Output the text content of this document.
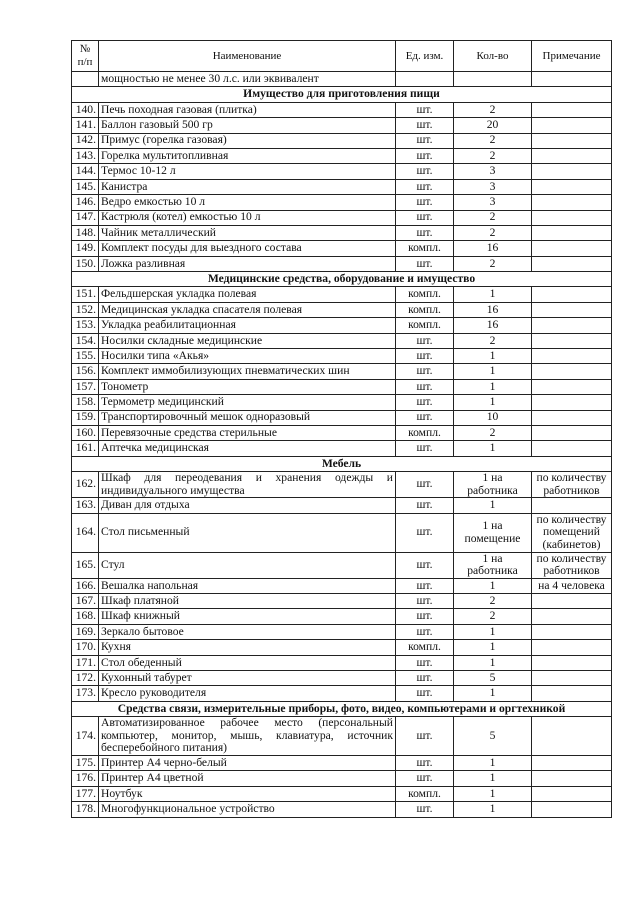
№ п/п	Наименование	Ед. изм.	Кол-во	Примечание
	мощностью не менее 30 л.с. или эквивалент			
Имущество для приготовления пищи				
140.	Печь походная газовая (плитка)	шт.	2	
141.	Баллон газовый 500 гр	шт.	20	
142.	Примус (горелка газовая)	шт.	2	
143.	Горелка мультитопливная	шт.	2	
144.	Термос 10-12 л	шт.	3	
145.	Канистра	шт.	3	
146.	Ведро емкостью 10 л	шт.	3	
147.	Кастрюля (котел) емкостью 10 л	шт.	2	
148.	Чайник металлический	шт.	2	
149.	Комплект посуды для выездного состава	компл.	16	
150.	Ложка разливная	шт.	2	
Медицинские средства, оборудование и имущество				
151.	Фельдшерская укладка полевая	компл.	1	
152.	Медицинская укладка спасателя полевая	компл.	16	
153.	Укладка реабилитационная	компл.	16	
154.	Носилки складные медицинские	шт.	2	
155.	Носилки типа «Акья»	шт.	1	
156.	Комплект иммобилизующих пневматических шин	шт.	1	
157.	Тонометр	шт.	1	
158.	Термометр медицинский	шт.	1	
159.	Транспортировочный мешок одноразовый	шт.	10	
160.	Перевязочные средства стерильные	компл.	2	
161.	Аптечка медицинская	шт.	1	
Мебель				
162.	Шкаф для переодевания и хранения одежды и индивидуального имущества	шт.	1 на работника	по количеству работников
163.	Диван для отдыха	шт.	1	
164.	Стол письменный	шт.	1 на помещение	по количеству помещений (кабинетов)
165.	Стул	шт.	1 на работника	по количеству работников
166.	Вешалка напольная	шт.	1	на 4 человека
167.	Шкаф платяной	шт.	2	
168.	Шкаф книжный	шт.	2	
169.	Зеркало бытовое	шт.	1	
170.	Кухня	компл.	1	
171.	Стол обеденный	шт.	1	
172.	Кухонный табурет	шт.	5	
173.	Кресло руководителя	шт.	1	
Средства связи, измерительные приборы, фото, видео, компьютерами и оргтехникой				
174.	Автоматизированное рабочее место (персональный компьютер, монитор, мышь, клавиатура, источник бесперебойного питания)	шт.	5	
175.	Принтер А4 черно-белый	шт.	1	
176.	Принтер А4 цветной	шт.	1	
177.	Ноутбук	компл.	1	
178.	Многофункциональное устройство	шт.	1	
